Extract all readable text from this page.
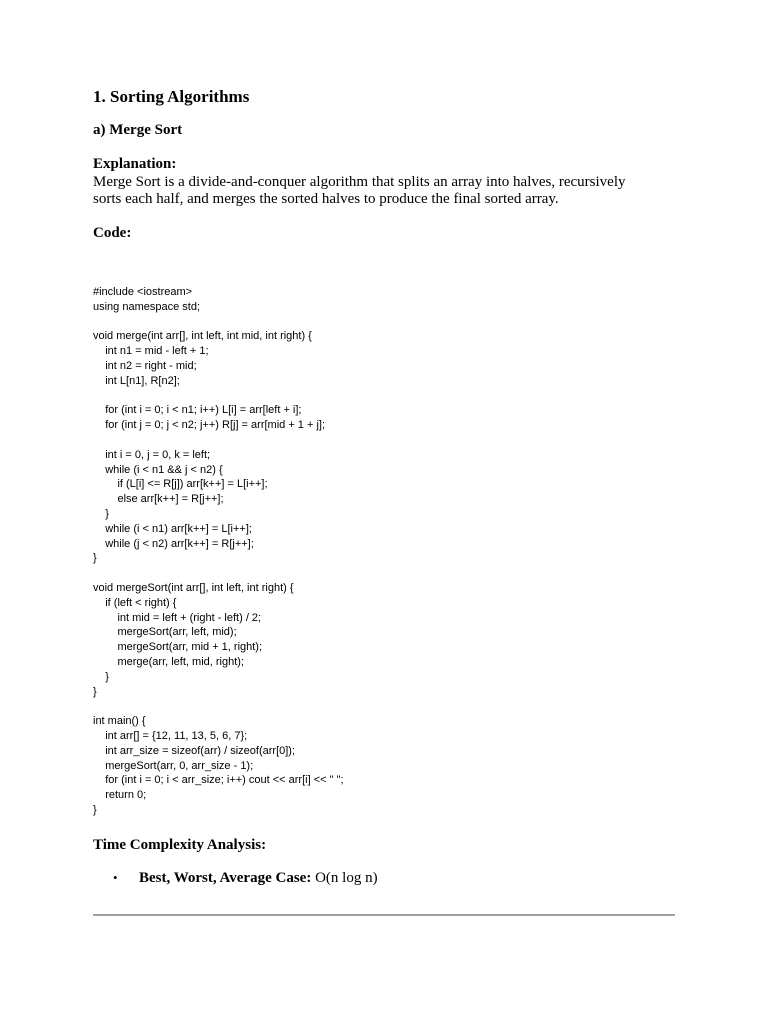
1. Sorting Algorithms
a) Merge Sort
Explanation:

Merge Sort is a divide-and-conquer algorithm that splits an array into halves, recursively
sorts each half, and merges the sorted halves to produce the final sorted array.

Code:
#include <iostream>
using namespace std;
void merge(int arr[], int left, int mid, int right) {
int n1 = mid - left + 1;
int n2 = right - mid;
int L[n1], R[n2];
for (int i = 0; i < n1; i++) L[i] = arr[left + i];
for (int j = 0; j < n2; j++) R[j] = arr[mid + 1 + j];
int i = 0, j = 0, k = left;
while (i < n1 && j < n2) {
if (L[i] <= R[j]) arr[k++] = L[i++];
else arr[k++] = R[j++];
}
while (i < n1) arr[k++] = L[i++];
while (j < n2) arr[k++] = R[j++];
}
void mergeSort(int arr[], int left, int right) {
if (left < right) {
int mid = left + (right - left) / 2;
mergeSort(arr, left, mid);
mergeSort(arr, mid + 1, right);
merge(arr, left, mid, right);
}
}
int main() {
int arr[] = {12, 11, 13, 5, 6, 7};
int arr_size = sizeof(arr) / sizeof(arr[0]);
mergeSort(arr, 0, arr_size - 1);
for (int i = 0; i < arr_size; i++) cout << arr[i] << " ";
return 0;
}
Time Complexity Analysis:
• Best, Worst, Average Case: O(n log n)
